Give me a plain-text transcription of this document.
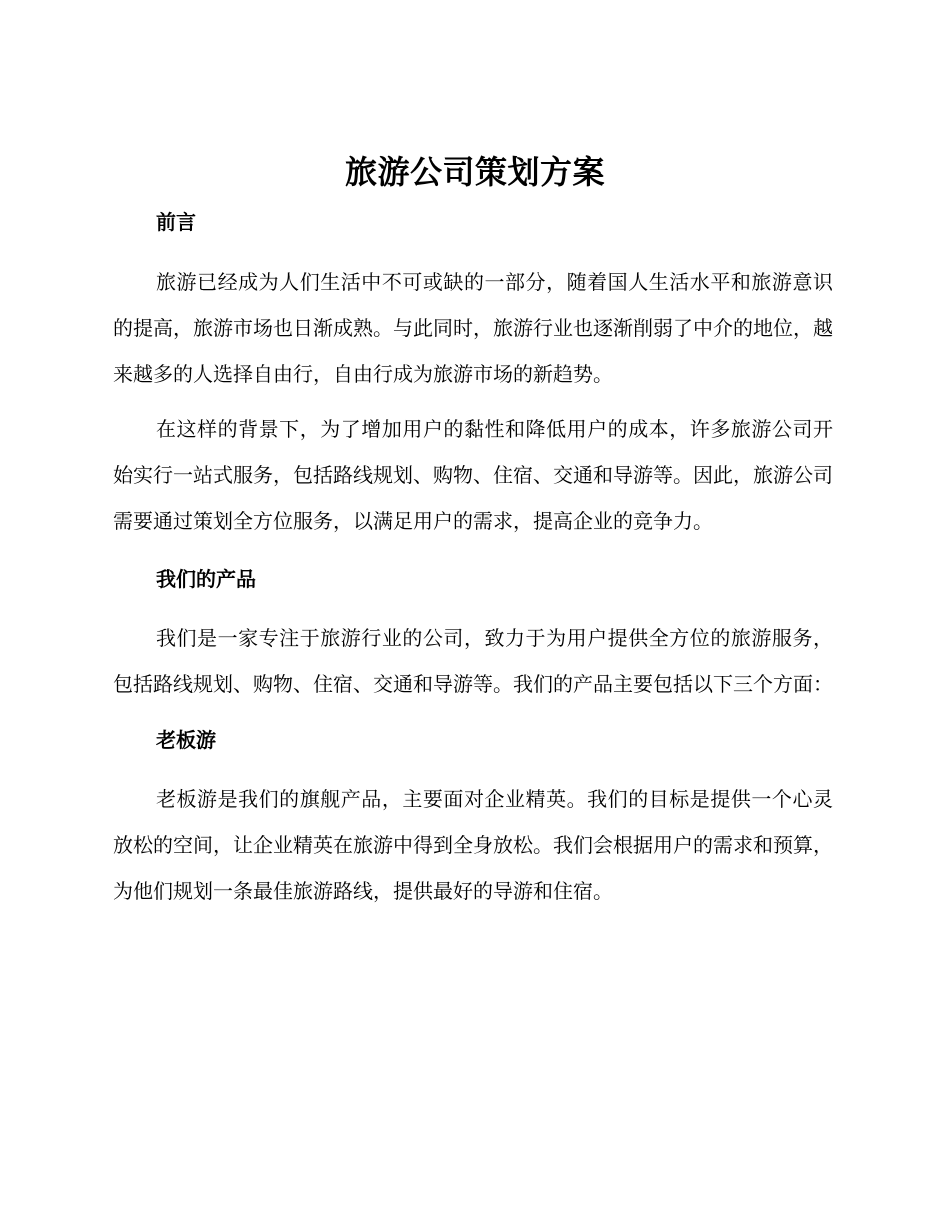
旅游公司策划方案
前言

旅游已经成为人们生活中不可或缺的一部分，随着国人生活水平和旅游意识的提高，旅游市场也日渐成熟。与此同时，旅游行业也逐渐削弱了中介的地位，越来越多的人选择自由行，自由行成为旅游市场的新趋势。

在这样的背景下，为了增加用户的黏性和降低用户的成本，许多旅游公司开始实行一站式服务，包括路线规划、购物、住宿、交通和导游等。因此，旅游公司需要通过策划全方位服务，以满足用户的需求，提高企业的竞争力。

我们的产品

我们是一家专注于旅游行业的公司，致力于为用户提供全方位的旅游服务，包括路线规划、购物、住宿、交通和导游等。我们的产品主要包括以下三个方面：

老板游

老板游是我们的旗舰产品，主要面对企业精英。我们的目标是提供一个心灵放松的空间，让企业精英在旅游中得到全身放松。我们会根据用户的需求和预算，为他们规划一条最佳旅游路线，提供最好的导游和住宿。
